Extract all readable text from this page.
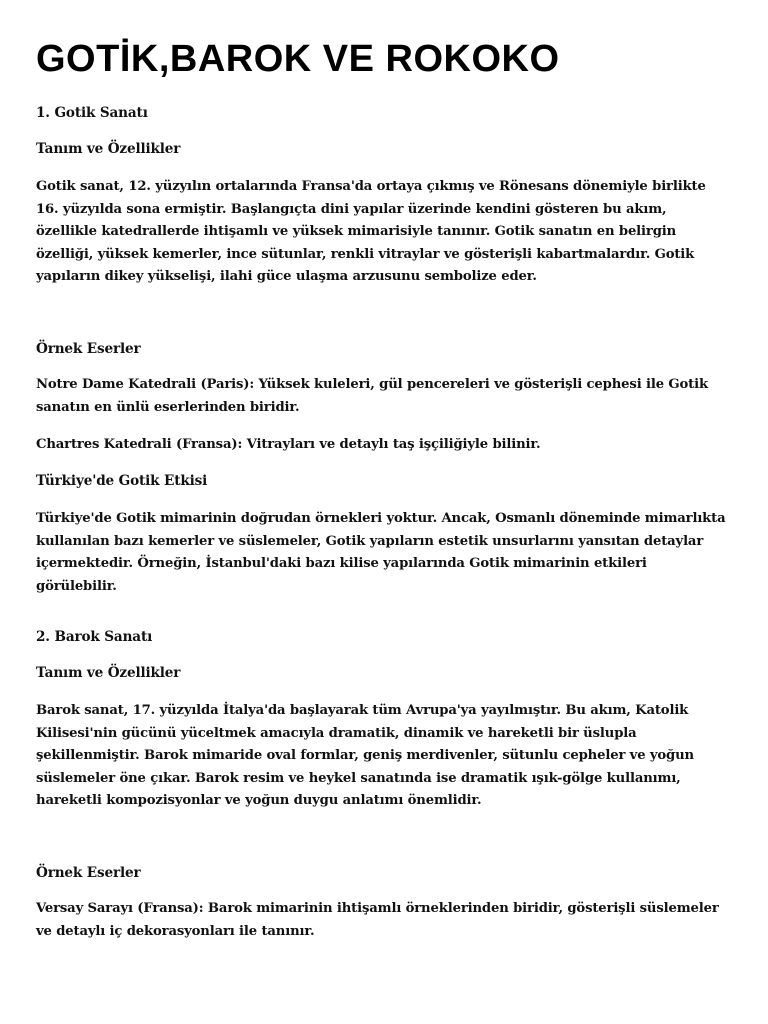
GOTİK,BAROK VE ROKOKO

1. Gotik Sanatı

Tanım ve Özellikler

Gotik sanat, 12. yüzyılın ortalarında Fransa'da ortaya çıkmış ve Rönesans dönemiyle birlikte 16. yüzyılda sona ermiştir. Başlangıçta dini yapılar üzerinde kendini gösteren bu akım, özellikle katedrallerde ihtişamlı ve yüksek mimarisiyle tanınır. Gotik sanatın en belirgin özelliği, yüksek kemerler, ince sütunlar, renkli vitraylar ve gösterişli kabartmalardır. Gotik yapıların dikey yükselişi, ilahi güce ulaşma arzusunu sembolize eder.

Örnek Eserler

Notre Dame Katedrali (Paris): Yüksek kuleleri, gül pencereleri ve gösterişli cephesi ile Gotik sanatın en ünlü eserlerinden biridir.

Chartres Katedrali (Fransa): Vitrayları ve detaylı taş işçiliğiyle bilinir.

Türkiye'de Gotik Etkisi

Türkiye'de Gotik mimarinin doğrudan örnekleri yoktur. Ancak, Osmanlı döneminde mimarlıkta kullanılan bazı kemerler ve süslemeler, Gotik yapıların estetik unsurlarını yansıtan detaylar içermektedir. Örneğin, İstanbul'daki bazı kilise yapılarında Gotik mimarinin etkileri görülebilir.

2. Barok Sanatı

Tanım ve Özellikler

Barok sanat, 17. yüzyılda İtalya'da başlayarak tüm Avrupa'ya yayılmıştır. Bu akım, Katolik Kilisesi'nin gücünü yüceltmek amacıyla dramatik, dinamik ve hareketli bir üslupla şekillenmiştir. Barok mimaride oval formlar, geniş merdivenler, sütunlu cepheler ve yoğun süslemeler öne çıkar. Barok resim ve heykel sanatında ise dramatik ışık-gölge kullanımı, hareketli kompozisyonlar ve yoğun duygu anlatımı önemlidir.

Örnek Eserler

Versay Sarayı (Fransa): Barok mimarinin ihtişamlı örneklerinden biridir, gösterişli süslemeler ve detaylı iç dekorasyonları ile tanınır.
